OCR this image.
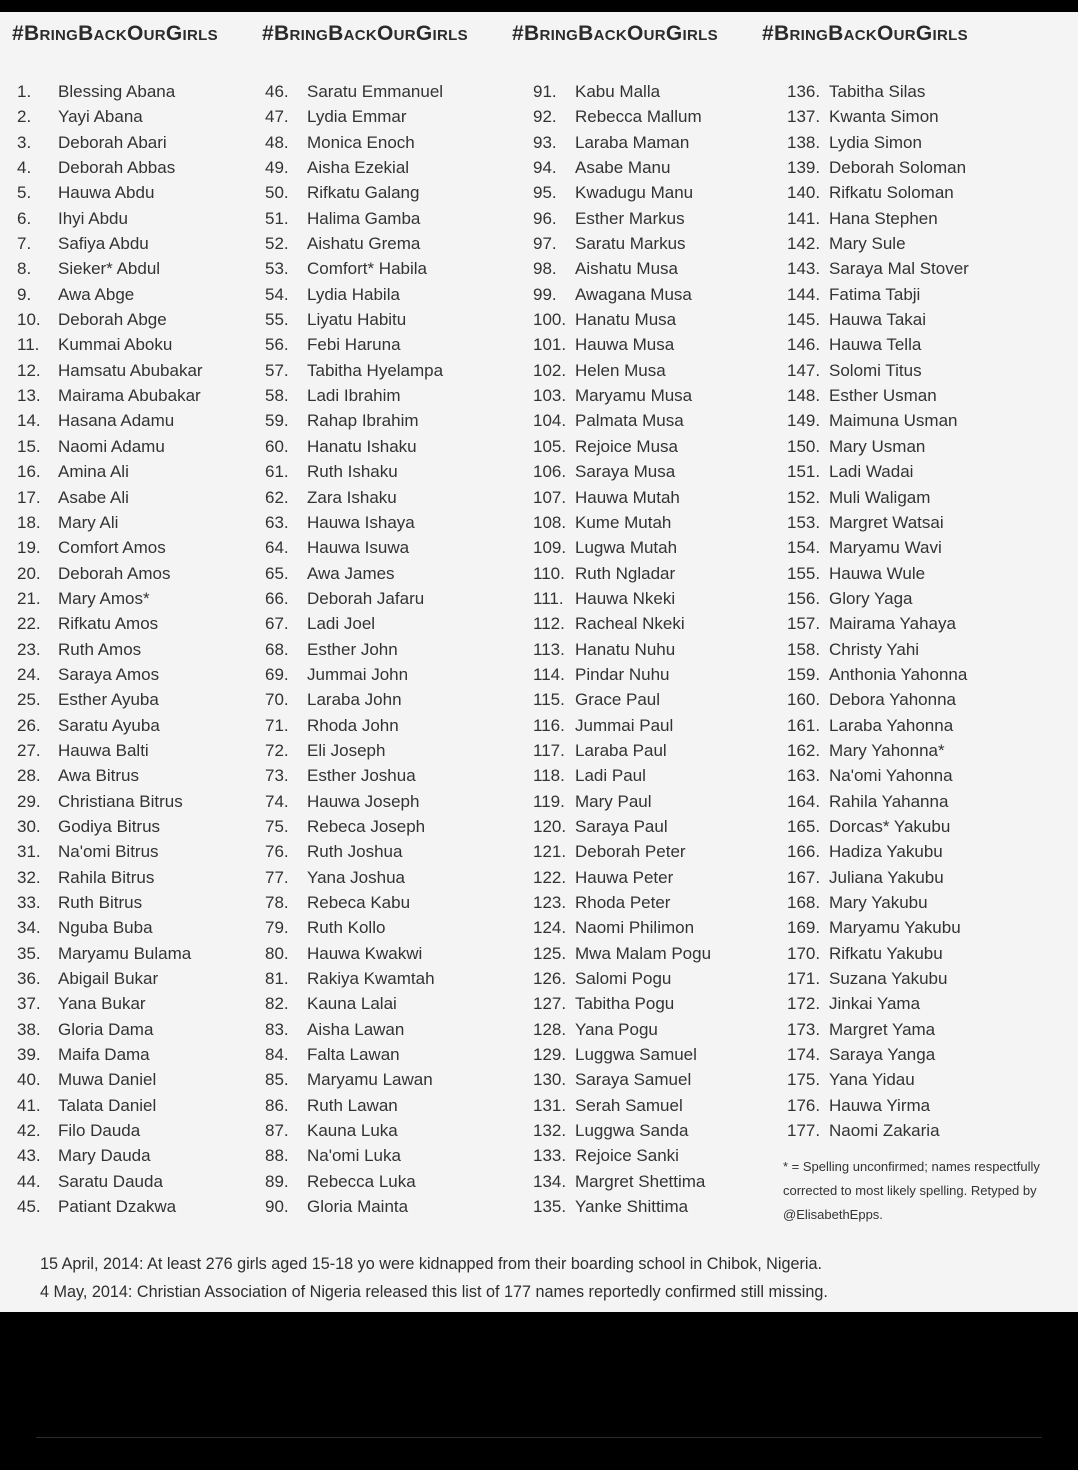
#BringBackOurGirls #BringBackOurGirls #BringBackOurGirls #BringBackOurGirls
1. Blessing Abana
2. Yayi Abana
3. Deborah Abari
4. Deborah Abbas
5. Hauwa Abdu
6. Ihyi Abdu
7. Safiya Abdu
8. Sieker* Abdul
9. Awa Abge
10. Deborah Abge
11. Kummai Aboku
12. Hamsatu Abubakar
13. Mairama Abubakar
14. Hasana Adamu
15. Naomi Adamu
16. Amina Ali
17. Asabe Ali
18. Mary Ali
19. Comfort Amos
20. Deborah Amos
21. Mary Amos*
22. Rifkatu Amos
23. Ruth Amos
24. Saraya Amos
25. Esther Ayuba
26. Saratu Ayuba
27. Hauwa Balti
28. Awa Bitrus
29. Christiana Bitrus
30. Godiya Bitrus
31. Na'omi Bitrus
32. Rahila Bitrus
33. Ruth Bitrus
34. Nguba Buba
35. Maryamu Bulama
36. Abigail Bukar
37. Yana Bukar
38. Gloria Dama
39. Maifa Dama
40. Muwa Daniel
41. Talata Daniel
42. Filo Dauda
43. Mary Dauda
44. Saratu Dauda
45. Patiant Dzakwa
46. Saratu Emmanuel
47. Lydia Emmar
48. Monica Enoch
49. Aisha Ezekial
50. Rifkatu Galang
51. Halima Gamba
52. Aishatu Grema
53. Comfort* Habila
54. Lydia Habila
55. Liyatu Habitu
56. Febi Haruna
57. Tabitha Hyelampa
58. Ladi Ibrahim
59. Rahap Ibrahim
60. Hanatu Ishaku
61. Ruth Ishaku
62. Zara Ishaku
63. Hauwa Ishaya
64. Hauwa Isuwa
65. Awa James
66. Deborah Jafaru
67. Ladi Joel
68. Esther John
69. Jummai John
70. Laraba John
71. Rhoda John
72. Eli Joseph
73. Esther Joshua
74. Hauwa Joseph
75. Rebeca Joseph
76. Ruth Joshua
77. Yana Joshua
78. Rebeca Kabu
79. Ruth Kollo
80. Hauwa Kwakwi
81. Rakiya Kwamtah
82. Kauna Lalai
83. Aisha Lawan
84. Falta Lawan
85. Maryamu Lawan
86. Ruth Lawan
87. Kauna Luka
88. Na'omi Luka
89. Rebecca Luka
90. Gloria Mainta
91. Kabu Malla
92. Rebecca Mallum
93. Laraba Maman
94. Asabe Manu
95. Kwadugu Manu
96. Esther Markus
97. Saratu Markus
98. Aishatu Musa
99. Awagana Musa
100. Hanatu Musa
101. Hauwa Musa
102. Helen Musa
103. Maryamu Musa
104. Palmata Musa
105. Rejoice Musa
106. Saraya Musa
107. Hauwa Mutah
108. Kume Mutah
109. Lugwa Mutah
110. Ruth Ngladar
111. Hauwa Nkeki
112. Racheal Nkeki
113. Hanatu Nuhu
114. Pindar Nuhu
115. Grace Paul
116. Jummai Paul
117. Laraba Paul
118. Ladi Paul
119. Mary Paul
120. Saraya Paul
121. Deborah Peter
122. Hauwa Peter
123. Rhoda Peter
124. Naomi Philimon
125. Mwa Malam Pogu
126. Salomi Pogu
127. Tabitha Pogu
128. Yana Pogu
129. Luggwa Samuel
130. Saraya Samuel
131. Serah Samuel
132. Luggwa Sanda
133. Rejoice Sanki
134. Margret Shettima
135. Yanke Shittima
136. Tabitha Silas
137. Kwanta Simon
138. Lydia Simon
139. Deborah Soloman
140. Rifkatu Soloman
141. Hana Stephen
142. Mary Sule
143. Saraya Mal Stover
144. Fatima Tabji
145. Hauwa Takai
146. Hauwa Tella
147. Solomi Titus
148. Esther Usman
149. Maimuna Usman
150. Mary Usman
151. Ladi Wadai
152. Muli Waligam
153. Margret Watsai
154. Maryamu Wavi
155. Hauwa Wule
156. Glory Yaga
157. Mairama Yahaya
158. Christy Yahi
159. Anthonia Yahonna
160. Debora Yahonna
161. Laraba Yahonna
162. Mary Yahonna*
163. Na'omi Yahonna
164. Rahila Yahanna
165. Dorcas* Yakubu
166. Hadiza Yakubu
167. Juliana Yakubu
168. Mary Yakubu
169. Maryamu Yakubu
170. Rifkatu Yakubu
171. Suzana Yakubu
172. Jinkai Yama
173. Margret Yama
174. Saraya Yanga
175. Yana Yidau
176. Hauwa Yirma
177. Naomi Zakaria
* = Spelling unconfirmed; names respectfully corrected to most likely spelling. Retyped by @ElisabethEpps.
15 April, 2014: At least 276 girls aged 15-18 yo were kidnapped from their boarding school in Chibok, Nigeria.
4 May, 2014: Christian Association of Nigeria released this list of 177 names reportedly confirmed still missing.
